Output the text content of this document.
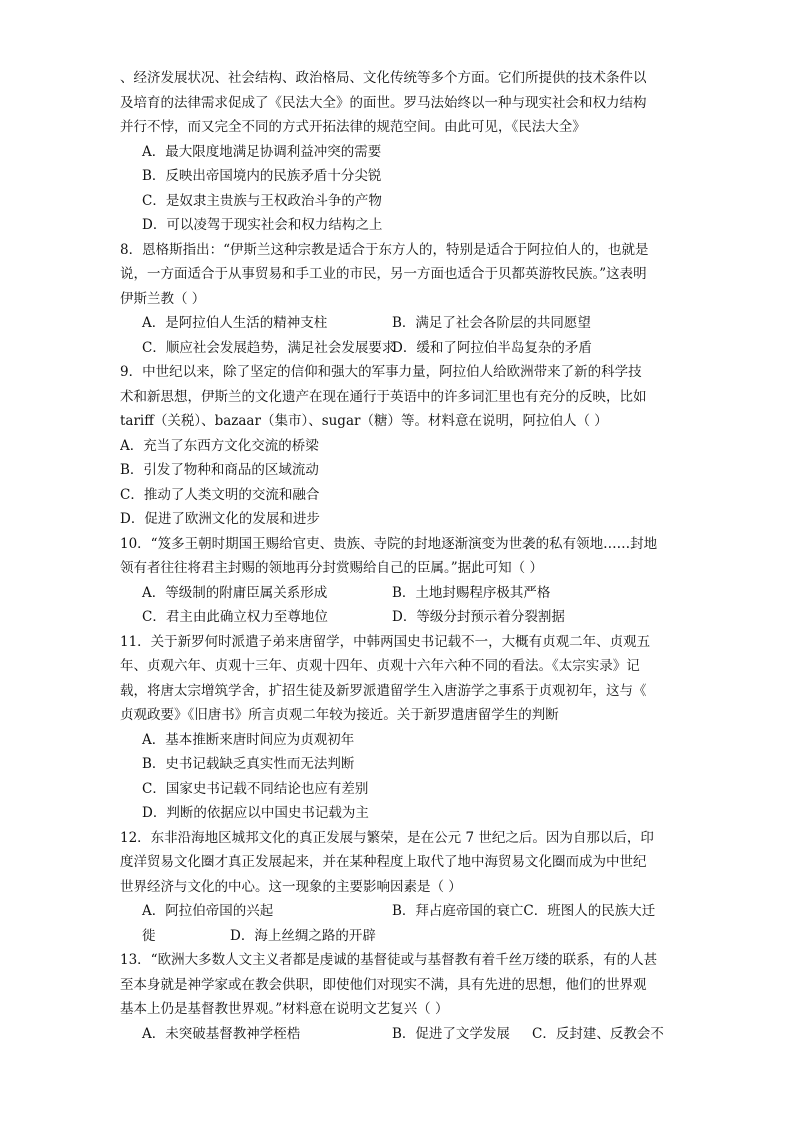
、经济发展状况、社会结构、政治格局、文化传统等多个方面。它们所提供的技术条件以
及培育的法律需求促成了《民法大全》的面世。罗马法始终以一种与现实社会和权力结构
并行不悖，而又完全不同的方式开拓法律的规范空间。由此可见，《民法大全》
A．最大限度地满足协调利益冲突的需要
B．反映出帝国境内的民族矛盾十分尖锐
C．是奴隶主贵族与王权政治斗争的产物
D．可以凌驾于现实社会和权力结构之上
8．恩格斯指出：“伊斯兰这种宗教是适合于东方人的，特别是适合于阿拉伯人的，也就是
说，一方面适合于从事贸易和手工业的市民，另一方面也适合于贝都英游牧民族。”这表明
伊斯兰教（ ）
A．是阿拉伯人生活的精神支柱	B．满足了社会各阶层的共同愿望
C．顺应社会发展趋势，满足社会发展要求
D．缓和了阿拉伯半岛复杂的矛盾
9．中世纪以来，除了坚定的信仰和强大的军事力量，阿拉伯人给欧洲带来了新的科学技
术和新思想，伊斯兰的文化遗产在现在通行于英语中的许多词汇里也有充分的反映，比如
tariff（关税）、bazaar（集市）、sugar（糖）等。材料意在说明，阿拉伯人（ ）
A．充当了东西方文化交流的桥梁
B．引发了物种和商品的区域流动
C．推动了人类文明的交流和融合
D．促进了欧洲文化的发展和进步
10．“笈多王朝时期国王赐给官吏、贵族、寺院的封地逐渐演变为世袭的私有领地……封地
领有者往往将君主封赐的领地再分封赏赐给自己的臣属。”据此可知（ ）
A．等级制的附庸臣属关系形成	B．土地封赐程序极其严格
C．君主由此确立权力至尊地位	D．等级分封预示着分裂割据
11．关于新罗何时派遣子弟来唐留学，中韩两国史书记载不一，大概有贞观二年、贞观五
年、贞观六年、贞观十三年、贞观十四年、贞观十六年六种不同的看法。《太宗实录》记
载，将唐太宗增筑学舍，扩招生徒及新罗派遣留学生入唐游学之事系于贞观初年，这与《
贞观政要》《旧唐书》所言贞观二年较为接近。关于新罗遣唐留学生的判断
A．基本推断来唐时间应为贞观初年
B．史书记载缺乏真实性而无法判断
C．国家史书记载不同结论也应有差别
D．判断的依据应以中国史书记载为主
12．东非沿海地区城邦文化的真正发展与繁荣，是在公元 7 世纪之后。因为自那以后，印
度洋贸易文化圈才真正发展起来，并在某种程度上取代了地中海贸易文化圈而成为中世纪
世界经济与文化的中心。这一现象的主要影响因素是（ ）
A．阿拉伯帝国的兴起	B．拜占庭帝国的衰亡 C．班图人的民族大迁
徙	D．海上丝绸之路的开辟
13．“欧洲大多数人文主义者都是虔诚的基督徒或与基督教有着千丝万缕的联系，有的人甚
至本身就是神学家或在教会供职，即使他们对现实不满，具有先进的思想，他们的世界观
基本上仍是基督教世界观。”材料意在说明文艺复兴（ ）
A．未突破基督教神学桎梏	B．促进了文学发展	C．反封建、反教会不
